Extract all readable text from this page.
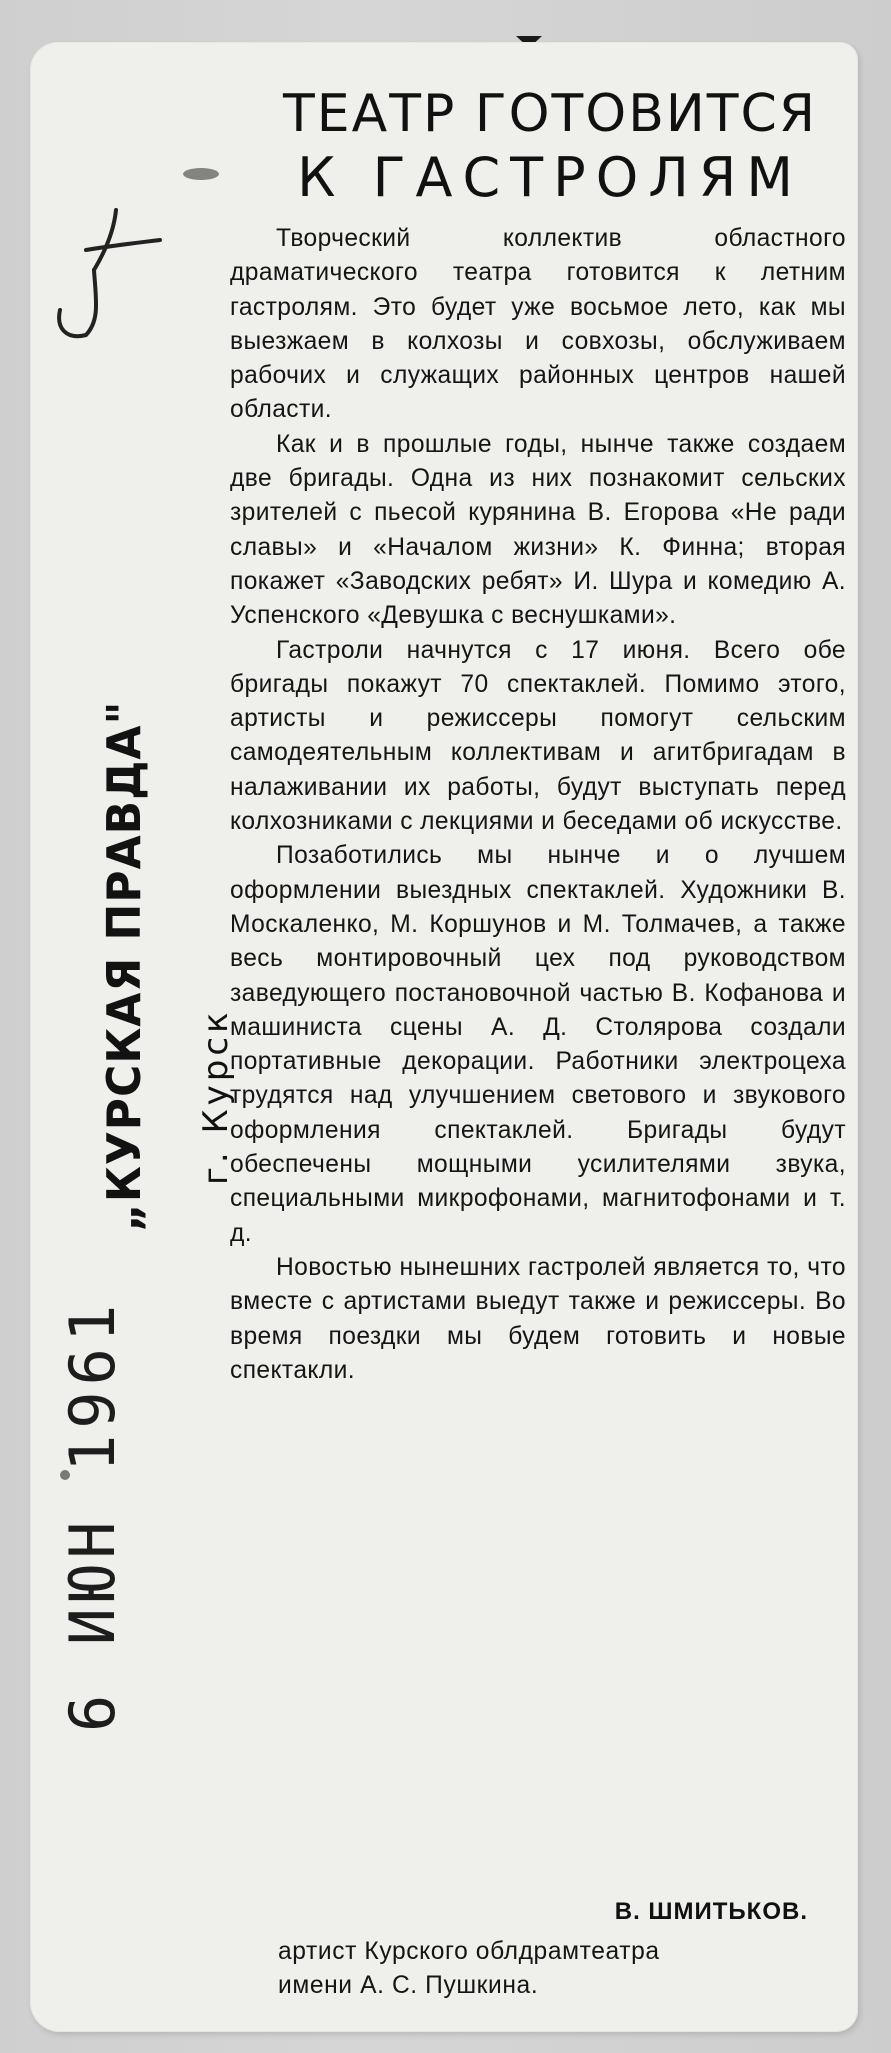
„КУРСКАЯ ПРАВДА" г. Курск
6 ИЮН 1961
ТЕАТР ГОТОВИТСЯ
К ГАСТРОЛЯМ

Творческий коллектив областного драматического театра готовится к летним гастролям. Это будет уже восьмое лето, как мы выезжаем в колхозы и совхозы, обслуживаем рабочих и служащих районных центров нашей области.

Как и в прошлые годы, нынче также создаем две бригады. Одна из них познакомит сельских зрителей с пьесой курянина В. Егорова «Не ради славы» и «Началом жизни» К. Финна; вторая покажет «Заводских ребят» И. Шура и комедию А. Успенского «Девушка с веснушками».

Гастроли начнутся с 17 июня. Всего обе бригады покажут 70 спектаклей. Помимо этого, артисты и режиссеры помогут сельским самодеятельным коллективам и агитбригадам в налаживании их работы, будут выступать перед колхозниками с лекциями и беседами об искусстве.

Позаботились мы нынче и о лучшем оформлении выездных спектаклей. Художники В. Москаленко, М. Коршунов и М. Толмачев, а также весь монтировочный цех под руководством заведующего постановочной частью В. Кофанова и машиниста сцены А. Д. Столярова создали портативные декорации. Работники электроцеха трудятся над улучшением светового и звукового оформления спектаклей. Бригады будут обеспечены мощными усилителями звука, специальными микрофонами, магнитофонами и т. д.

Новостью нынешних гастролей является то, что вместе с артистами выедут также и режиссеры. Во время поездки мы будем готовить и новые спектакли.

В. ШМИТЬКОВ.
артист Курского облдрамтеатра
имени А. С. Пушкина.
